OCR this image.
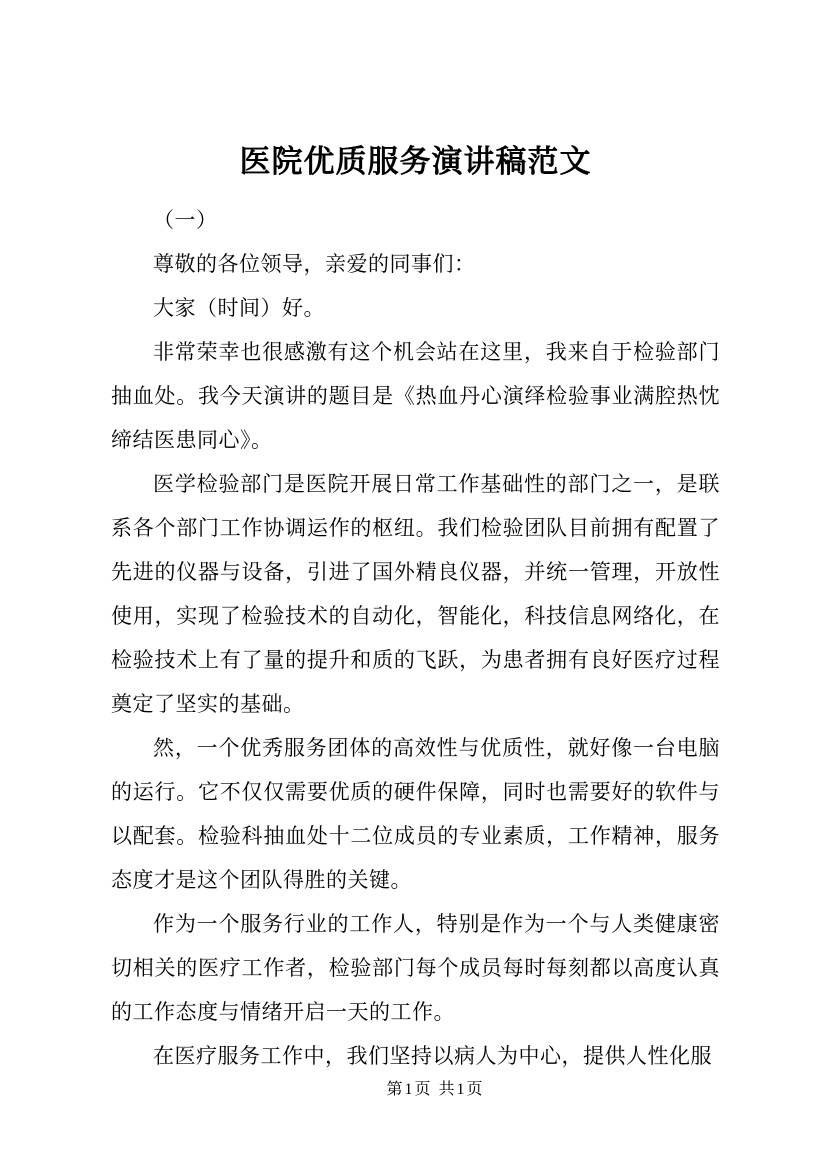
医院优质服务演讲稿范文

（一）

尊敬的各位领导，亲爱的同事们：

大家（时间）好。

非常荣幸也很感激有这个机会站在这里，我来自于检验部门抽血处。我今天演讲的题目是《热血丹心演绎检验事业满腔热忱缔结医患同心》。

医学检验部门是医院开展日常工作基础性的部门之一，是联系各个部门工作协调运作的枢纽。我们检验团队目前拥有配置了先进的仪器与设备，引进了国外精良仪器，并统一管理，开放性使用，实现了检验技术的自动化，智能化，科技信息网络化，在检验技术上有了量的提升和质的飞跃，为患者拥有良好医疗过程奠定了坚实的基础。

然，一个优秀服务团体的高效性与优质性，就好像一台电脑的运行。它不仅仅需要优质的硬件保障，同时也需要好的软件与以配套。检验科抽血处十二位成员的专业素质，工作精神，服务态度才是这个团队得胜的关键。

作为一个服务行业的工作人，特别是作为一个与人类健康密切相关的医疗工作者，检验部门每个成员每时每刻都以高度认真的工作态度与情绪开启一天的工作。

在医疗服务工作中，我们坚持以病人为中心，提供人性化服

第1页 共1页
